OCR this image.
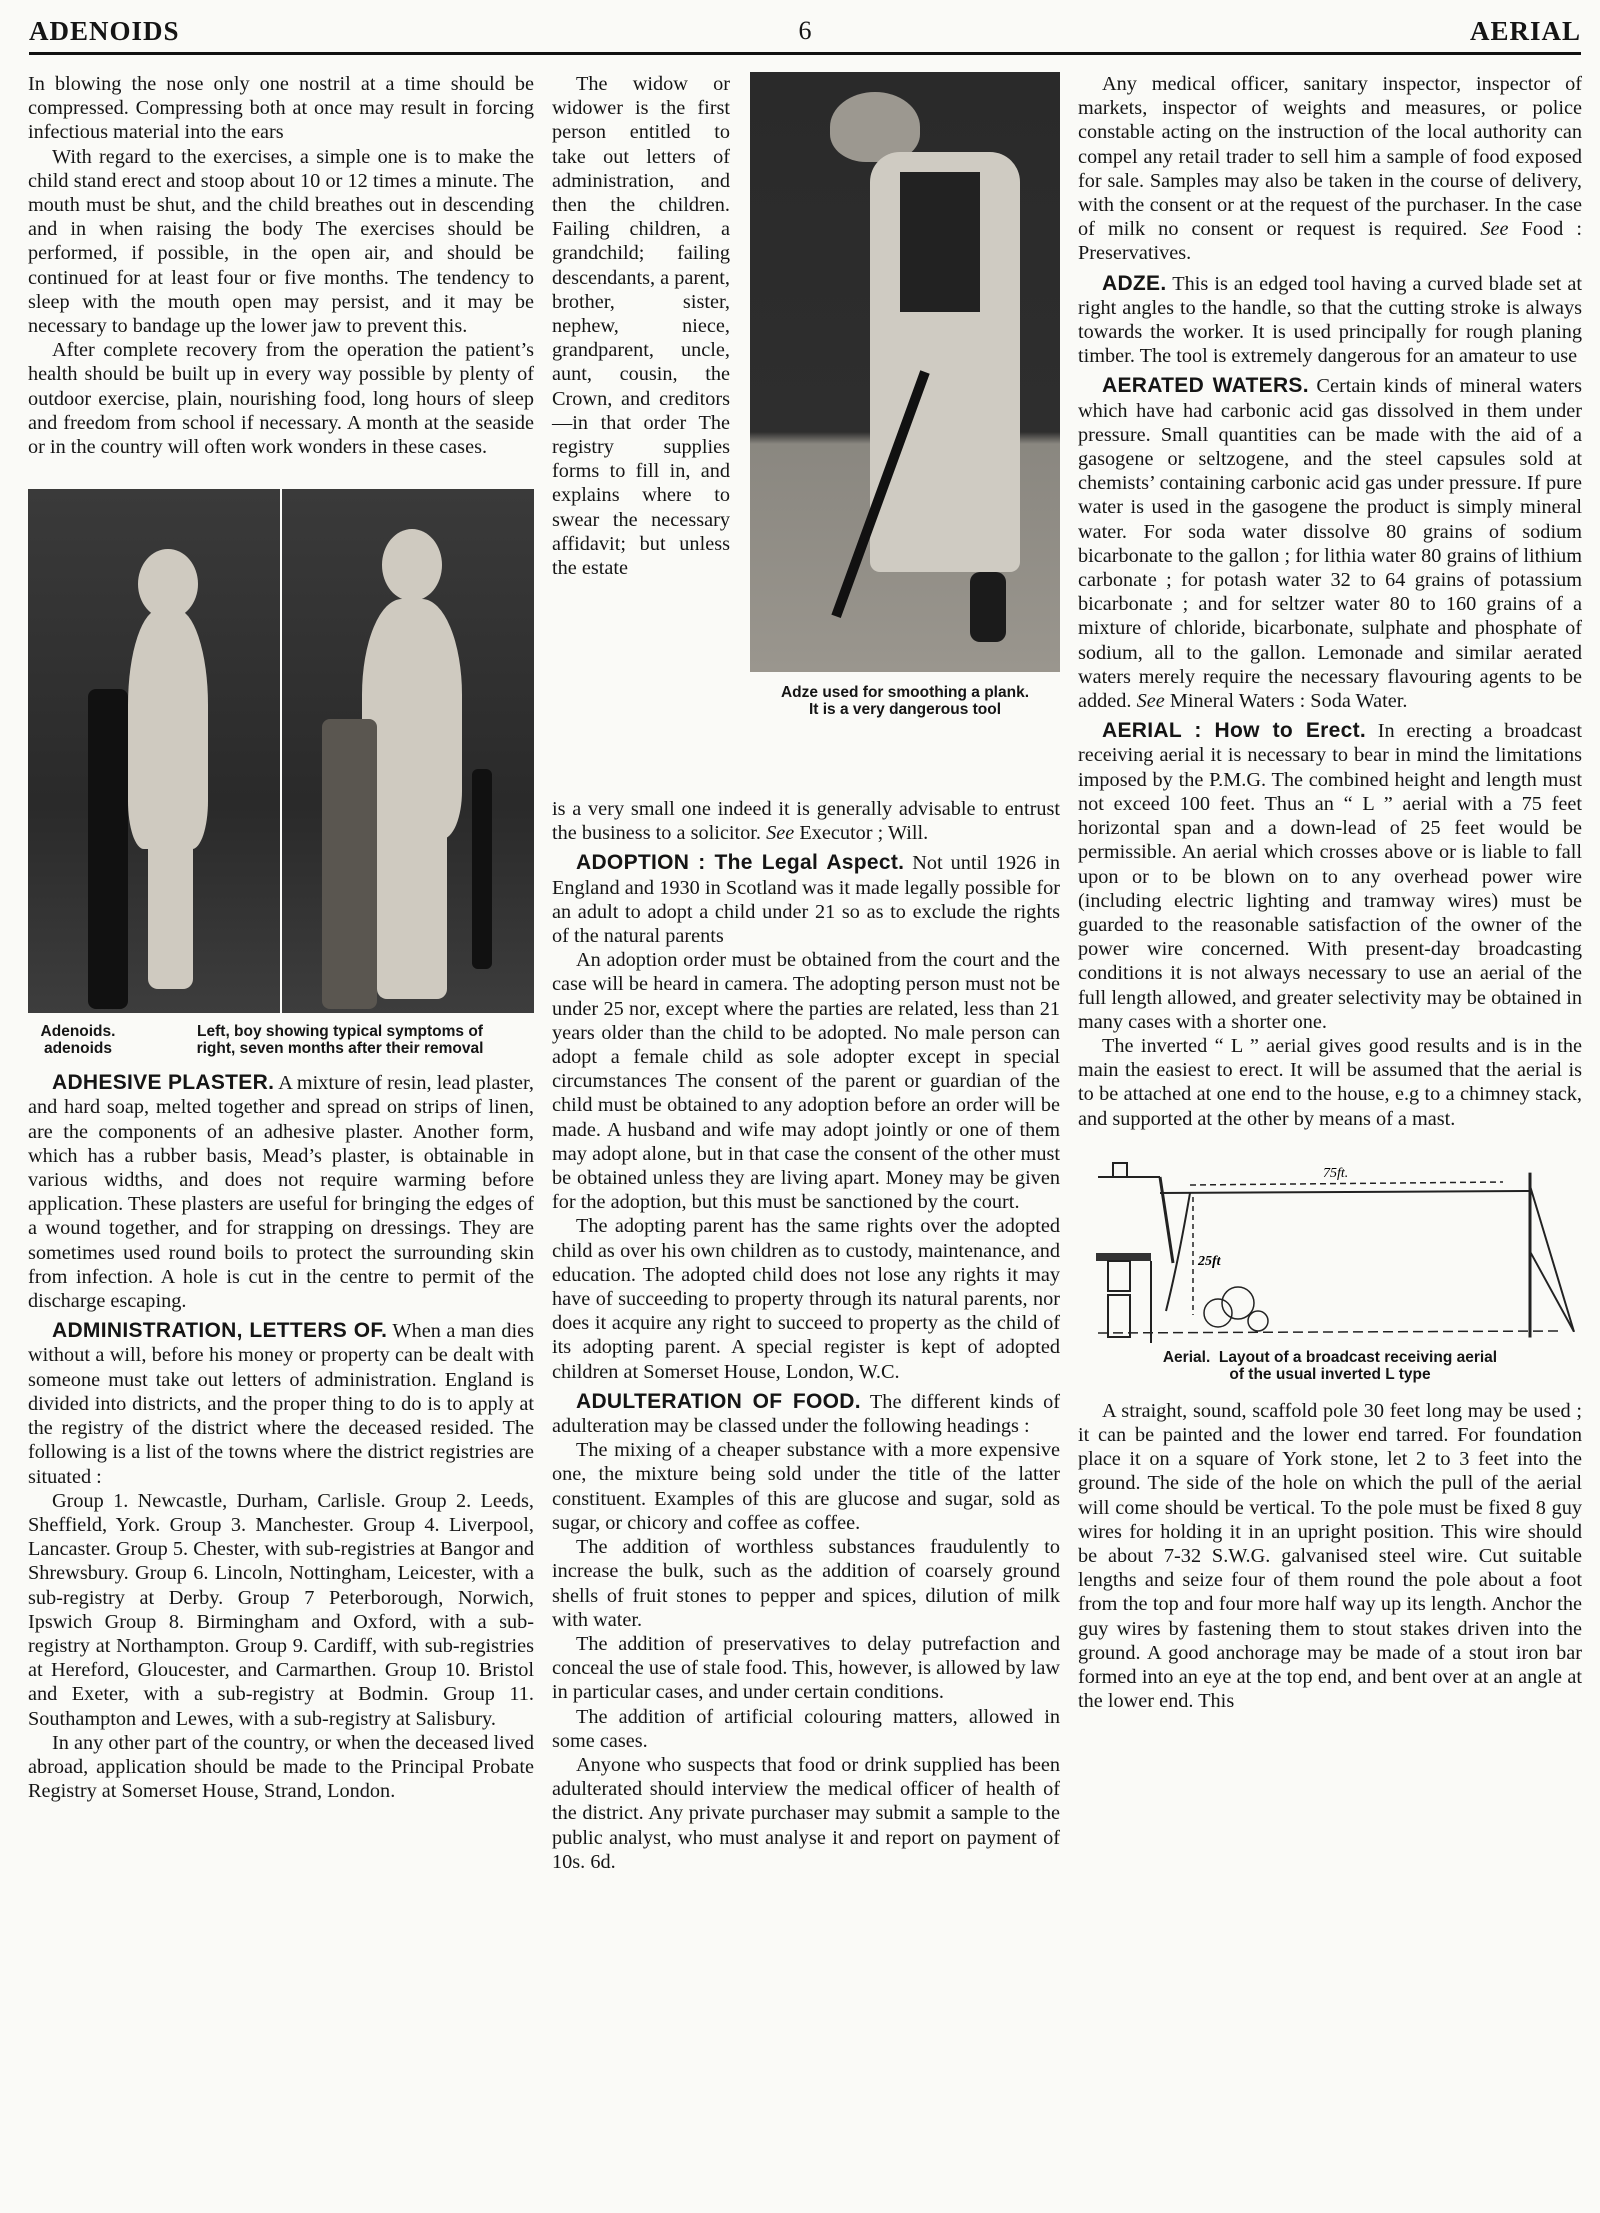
ADENOIDS	6	AERIAL

In blowing the nose only one nostril at a time should be compressed. Compressing both at once may result in forcing infectious material into the ears

With regard to the exercises, a simple one is to make the child stand erect and stoop about 10 or 12 times a minute. The mouth must be shut, and the child breathes out in descending and in when raising the body The exercises should be performed, if possible, in the open air, and should be continued for at least four or five months. The tendency to sleep with the mouth open may persist, and it may be necessary to bandage up the lower jaw to prevent this.

After complete recovery from the operation the patient’s health should be built up in every way possible by plenty of outdoor exercise, plain, nourishing food, long hours of sleep and freedom from school if necessary. A month at the seaside or in the country will often work wonders in these cases.

Adenoids.
adenoids
Left, boy showing typical symptoms of
right, seven months after their removal

ADHESIVE PLASTER. A mixture of resin, lead plaster, and hard soap, melted together and spread on strips of linen, are the components of an adhesive plaster. Another form, which has a rubber basis, Mead’s plaster, is obtainable in various widths, and does not require warming before application. These plasters are useful for bringing the edges of a wound together, and for strapping on dressings. They are sometimes used round boils to protect the surrounding skin from infection. A hole is cut in the centre to permit of the discharge escaping.

ADMINISTRATION, LETTERS OF. When a man dies without a will, before his money or property can be dealt with someone must take out letters of administration. England is divided into districts, and the proper thing to do is to apply at the registry of the district where the deceased resided. The following is a list of the towns where the district registries are situated :

Group 1. Newcastle, Durham, Carlisle. Group 2. Leeds, Sheffield, York. Group 3. Manchester. Group 4. Liverpool, Lancaster. Group 5. Chester, with sub-registries at Bangor and Shrewsbury. Group 6. Lincoln, Nottingham, Leicester, with a sub-registry at Derby. Group 7 Peterborough, Norwich, Ipswich Group 8. Birmingham and Oxford, with a sub-registry at Northampton. Group 9. Cardiff, with sub-registries at Hereford, Gloucester, and Carmarthen. Group 10. Bristol and Exeter, with a sub-registry at Bodmin. Group 11. Southampton and Lewes, with a sub-registry at Salisbury.

In any other part of the country, or when the deceased lived abroad, application should be made to the Principal Probate Registry at Somerset House, Strand, London.

The widow or widower is the first person entitled to take out letters of administration, and then the children. Failing children, a grandchild; failing descendants, a parent, brother, sister, nephew, niece, grandparent, uncle, aunt, cousin, the Crown, and creditors—in that order The registry supplies forms to fill in, and explains where to swear the necessary affidavit; but unless the estate

Adze used for smoothing a plank.
It is a very dangerous tool

is a very small one indeed it is generally advisable to entrust the business to a solicitor. See Executor ; Will.

ADOPTION : The Legal Aspect. Not until 1926 in England and 1930 in Scotland was it made legally possible for an adult to adopt a child under 21 so as to exclude the rights of the natural parents

An adoption order must be obtained from the court and the case will be heard in camera. The adopting person must not be under 25 nor, except where the parties are related, less than 21 years older than the child to be adopted. No male person can adopt a female child as sole adopter except in special circumstances The consent of the parent or guardian of the child must be obtained to any adoption before an order will be made. A husband and wife may adopt jointly or one of them may adopt alone, but in that case the consent of the other must be obtained unless they are living apart. Money may be given for the adoption, but this must be sanctioned by the court.

The adopting parent has the same rights over the adopted child as over his own children as to custody, maintenance, and education. The adopted child does not lose any rights it may have of succeeding to property through its natural parents, nor does it acquire any right to succeed to property as the child of its adopting parent. A special register is kept of adopted children at Somerset House, London, W.C.

ADULTERATION OF FOOD. The different kinds of adulteration may be classed under the following headings :

The mixing of a cheaper substance with a more expensive one, the mixture being sold under the title of the latter constituent. Examples of this are glucose and sugar, sold as sugar, or chicory and coffee as coffee.

The addition of worthless substances fraudulently to increase the bulk, such as the addition of coarsely ground shells of fruit stones to pepper and spices, dilution of milk with water.

The addition of preservatives to delay putrefaction and conceal the use of stale food. This, however, is allowed by law in particular cases, and under certain conditions.

The addition of artificial colouring matters, allowed in some cases.

Anyone who suspects that food or drink supplied has been adulterated should interview the medical officer of health of the district. Any private purchaser may submit a sample to the public analyst, who must analyse it and report on payment of 10s. 6d.

Any medical officer, sanitary inspector, inspector of markets, inspector of weights and measures, or police constable acting on the instruction of the local authority can compel any retail trader to sell him a sample of food exposed for sale. Samples may also be taken in the course of delivery, with the consent or at the request of the purchaser. In the case of milk no consent or request is required. See Food : Preservatives.

ADZE. This is an edged tool having a curved blade set at right angles to the handle, so that the cutting stroke is always towards the worker. It is used principally for rough planing timber. The tool is extremely dangerous for an amateur to use

AERATED WATERS. Certain kinds of mineral waters which have had carbonic acid gas dissolved in them under pressure. Small quantities can be made with the aid of a gasogene or seltzogene, and the steel capsules sold at chemists’ containing carbonic acid gas under pressure. If pure water is used in the gasogene the product is simply mineral water. For soda water dissolve 80 grains of sodium bicarbonate to the gallon ; for lithia water 80 grains of lithium carbonate ; for potash water 32 to 64 grains of potassium bicarbonate ; and for seltzer water 80 to 160 grains of a mixture of chloride, bicarbonate, sulphate and phosphate of sodium, all to the gallon. Lemonade and similar aerated waters merely require the necessary flavouring agents to be added. See Mineral Waters : Soda Water.

AERIAL : How to Erect. In erecting a broadcast receiving aerial it is necessary to bear in mind the limitations imposed by the P.M.G. The combined height and length must not exceed 100 feet. Thus an “ L ” aerial with a 75 feet horizontal span and a down-lead of 25 feet would be permissible. An aerial which crosses above or is liable to fall upon or to be blown on to any overhead power wire (including electric lighting and tramway wires) must be guarded to the reasonable satisfaction of the owner of the power wire concerned. With present-day broadcasting conditions it is not always necessary to use an aerial of the full length allowed, and greater selectivity may be obtained in many cases with a shorter one.

The inverted “ L ” aerial gives good results and is in the main the easiest to erect. It will be assumed that the aerial is to be attached at one end to the house, e.g to a chimney stack, and supported at the other by means of a mast.

75ft.
25ft
Aerial. Layout of a broadcast receiving aerial
of the usual inverted L type

A straight, sound, scaffold pole 30 feet long may be used ; it can be painted and the lower end tarred. For foundation place it on a square of York stone, let 2 to 3 feet into the ground. The side of the hole on which the pull of the aerial will come should be vertical. To the pole must be fixed 8 guy wires for holding it in an upright position. This wire should be about 7-32 S.W.G. galvanised steel wire. Cut suitable lengths and seize four of them round the pole about a foot from the top and four more half way up its length. Anchor the guy wires by fastening them to stout stakes driven into the ground. A good anchorage may be made of a stout iron bar formed into an eye at the top end, and bent over at an angle at the lower end. This
